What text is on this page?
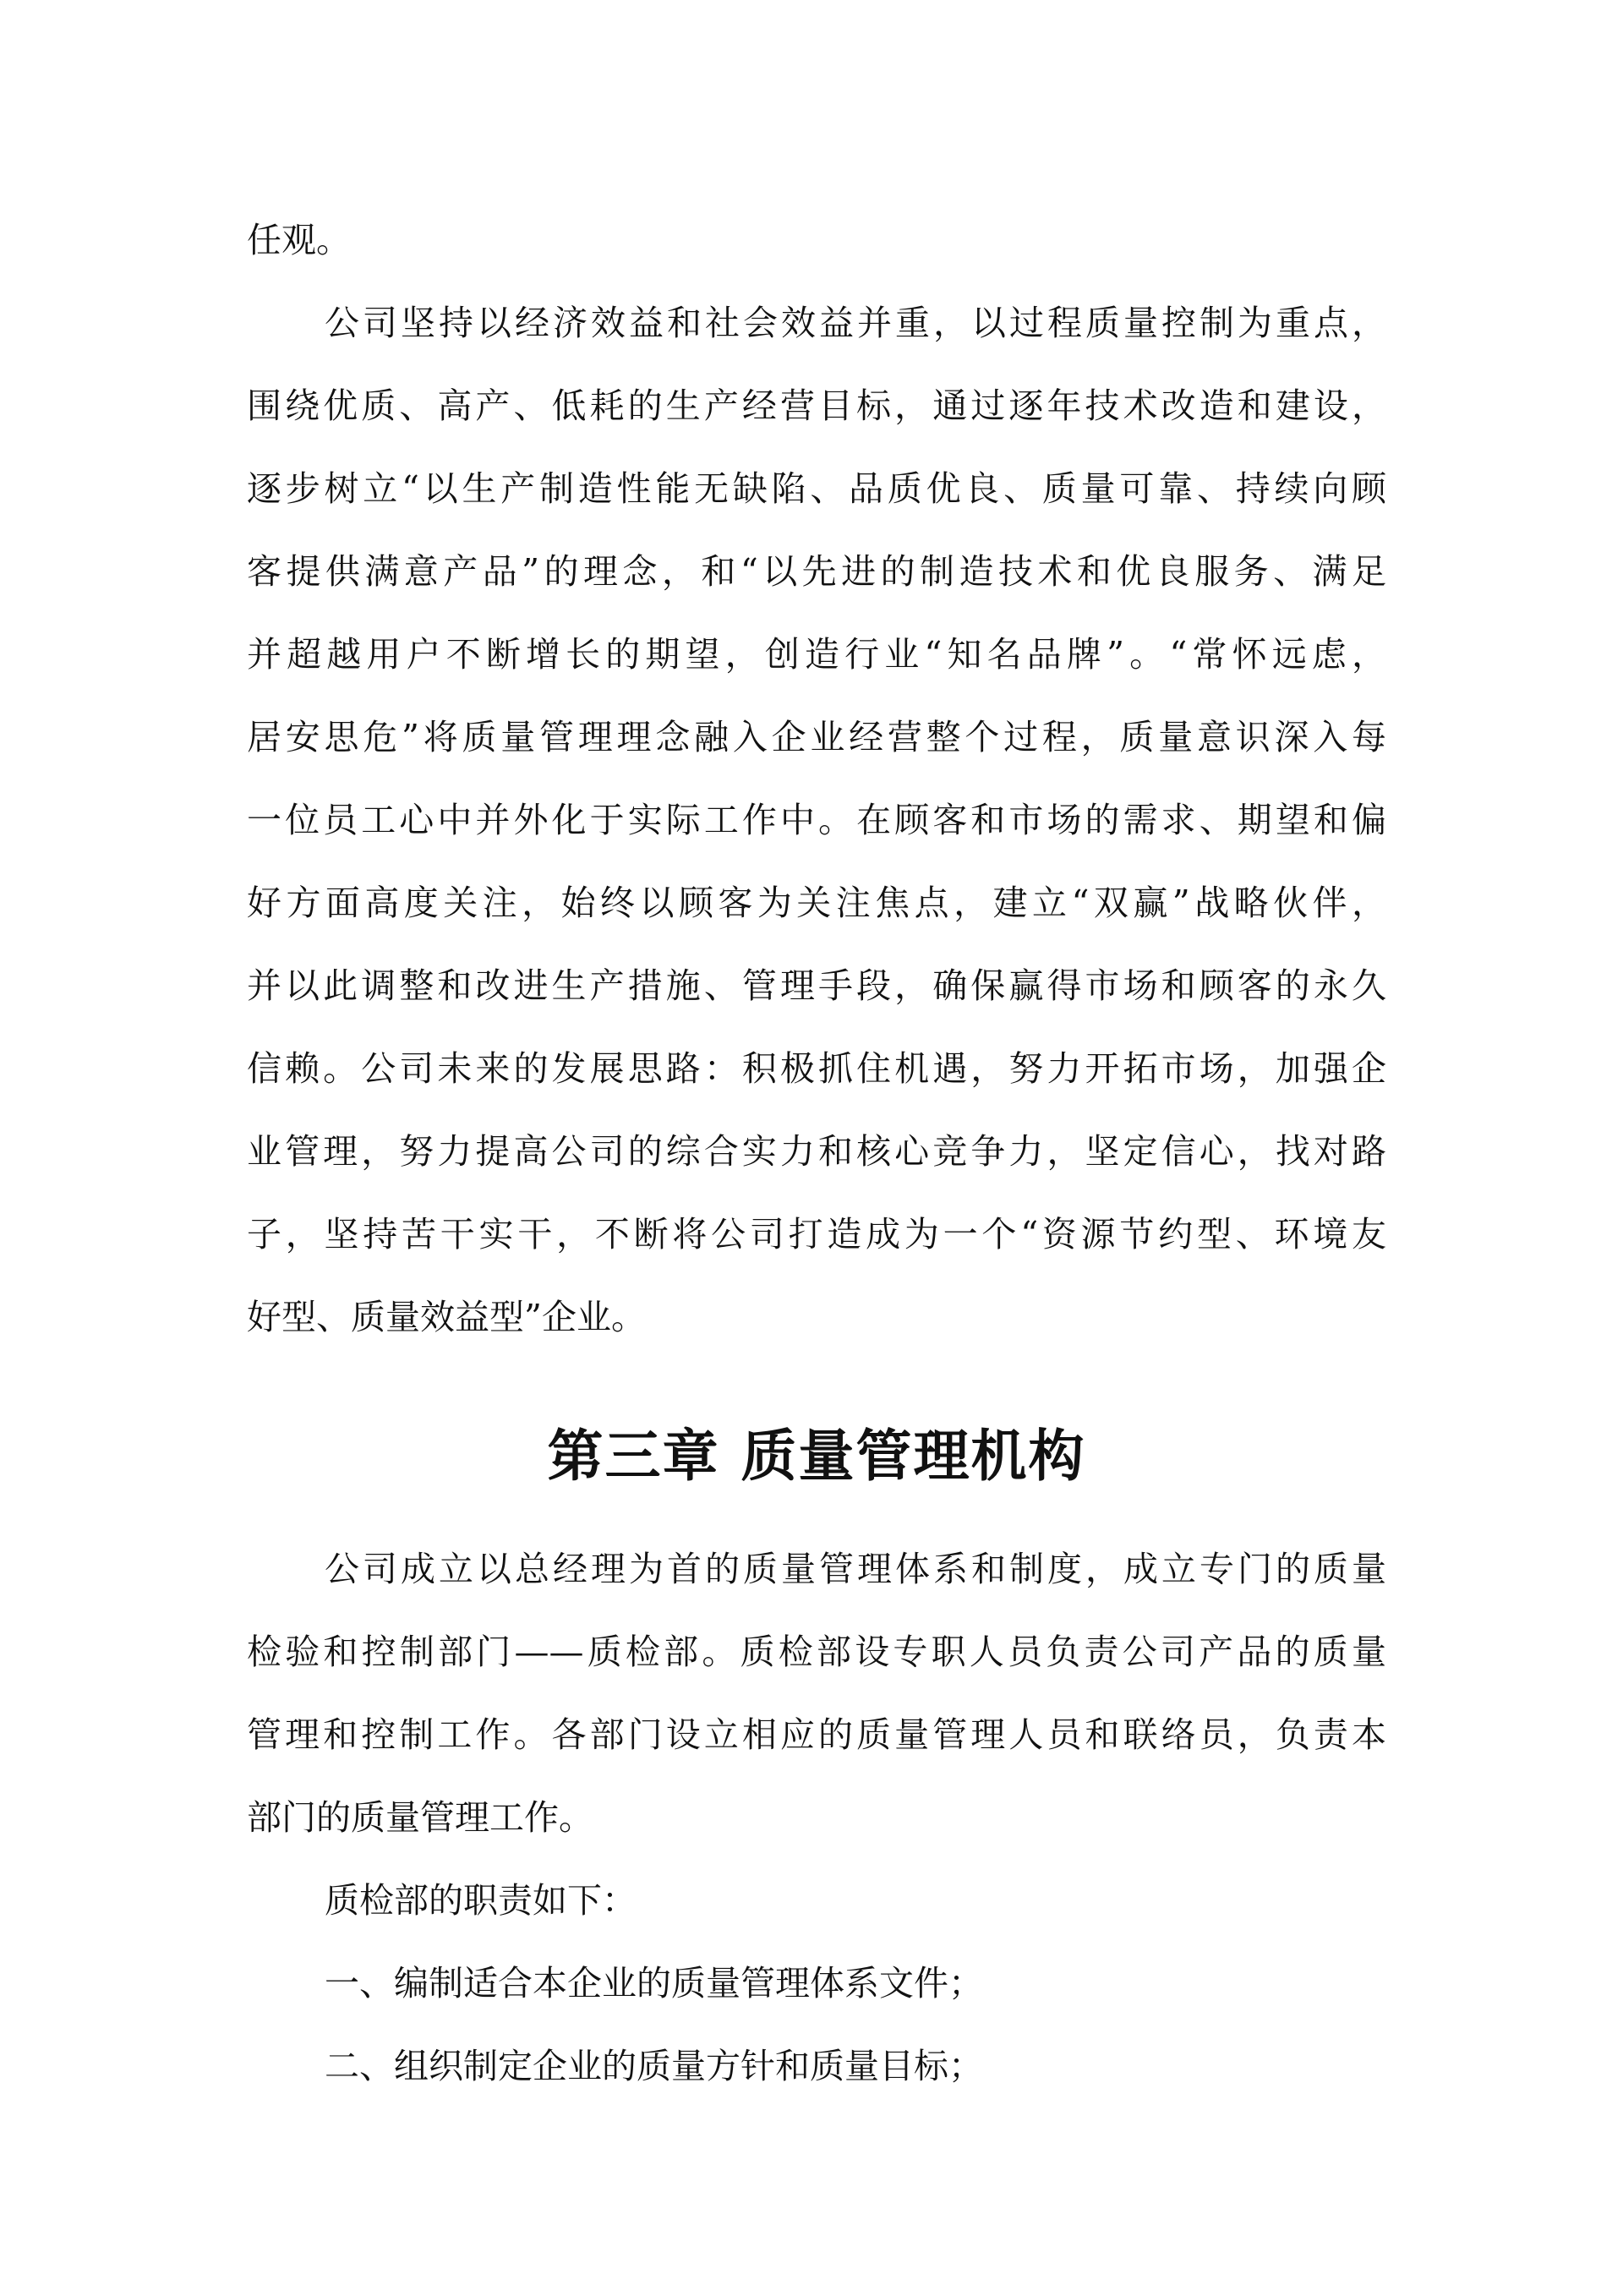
任观。
公司坚持以经济效益和社会效益并重，以过程质量控制为重点，
围绕优质、高产、低耗的生产经营目标，通过逐年技术改造和建设，
逐步树立“以生产制造性能无缺陷、品质优良、质量可靠、持续向顾
客提供满意产品”的理念，和“以先进的制造技术和优良服务、满足
并超越用户不断增长的期望，创造行业“知名品牌”。“常怀远虑，
居安思危”将质量管理理念融入企业经营整个过程，质量意识深入每
一位员工心中并外化于实际工作中。在顾客和市场的需求、期望和偏
好方面高度关注，始终以顾客为关注焦点，建立“双赢”战略伙伴，
并以此调整和改进生产措施、管理手段，确保赢得市场和顾客的永久
信赖。公司未来的发展思路：积极抓住机遇，努力开拓市场，加强企
业管理，努力提高公司的综合实力和核心竞争力，坚定信心，找对路
子，坚持苦干实干，不断将公司打造成为一个“资源节约型、环境友
好型、质量效益型”企业。
第三章 质量管理机构
公司成立以总经理为首的质量管理体系和制度，成立专门的质量
检验和控制部门——质检部。质检部设专职人员负责公司产品的质量
管理和控制工作。各部门设立相应的质量管理人员和联络员，负责本
部门的质量管理工作。
质检部的职责如下：
一、编制适合本企业的质量管理体系文件；
二、组织制定企业的质量方针和质量目标；
